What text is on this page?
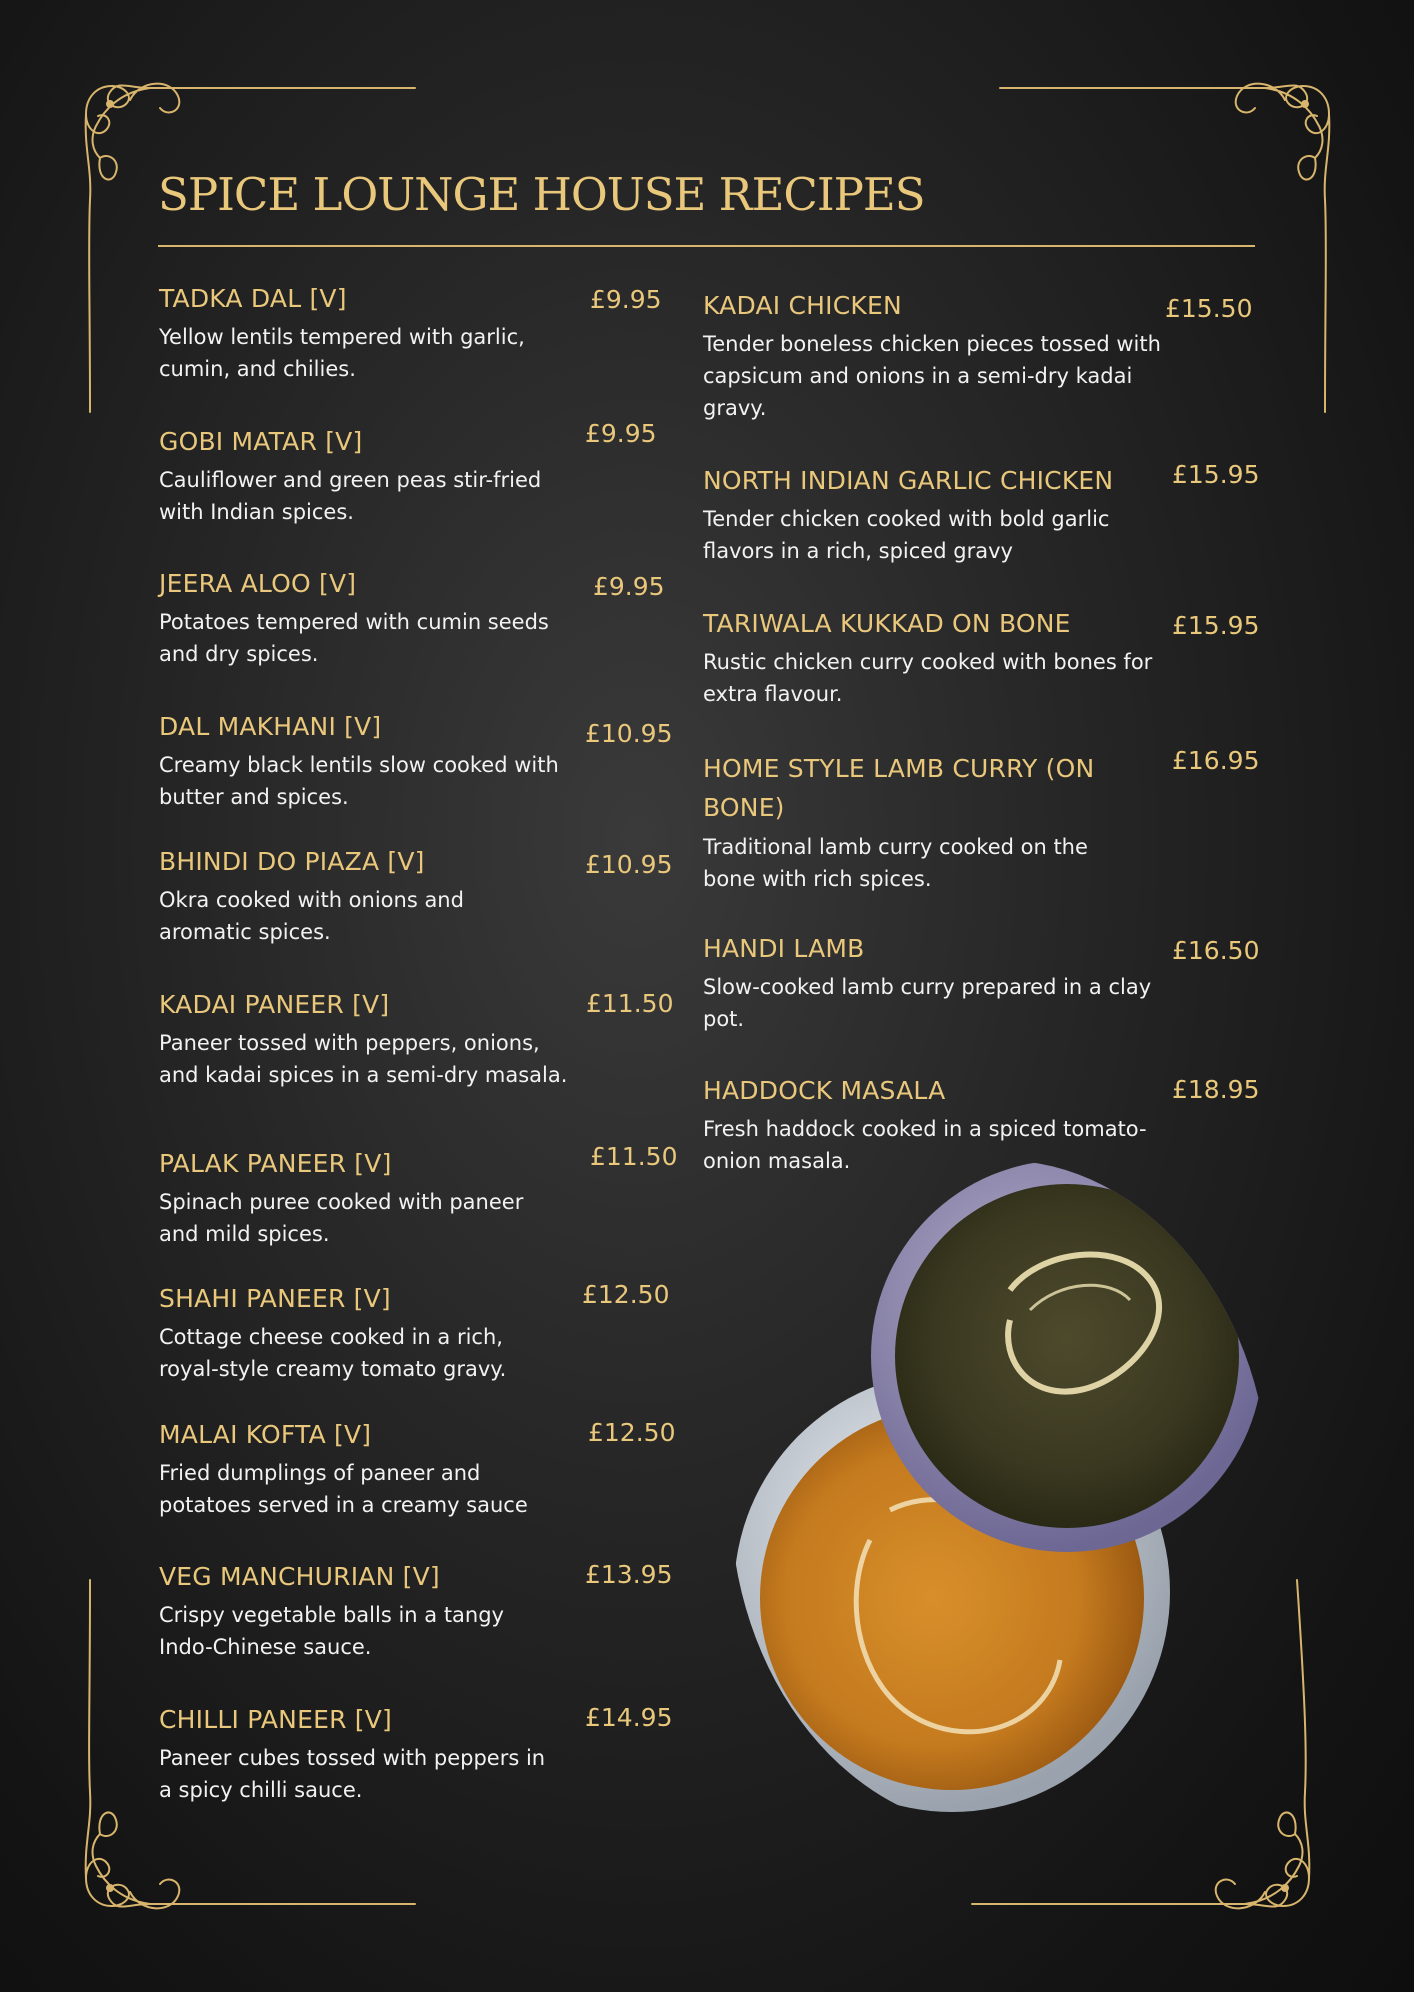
SPICE LOUNGE HOUSE RECIPES
TADKA DAL [V]
Yellow lentils tempered with garlic, cumin, and chilies.
£9.95
GOBI MATAR [V]
Cauliflower and green peas stir-fried with Indian spices.
£9.95
JEERA ALOO [V]
Potatoes tempered with cumin seeds and dry spices.
£9.95
DAL MAKHANI [V]
Creamy black lentils slow cooked with butter and spices.
£10.95
BHINDI DO PIAZA [V]
Okra cooked with onions and aromatic spices.
£10.95
KADAI PANEER [V]
Paneer tossed with peppers, onions, and kadai spices in a semi-dry masala.
£11.50
PALAK PANEER [V]
Spinach puree cooked with paneer and mild spices.
£11.50
SHAHI PANEER [V]
Cottage cheese cooked in a rich, royal-style creamy tomato gravy.
£12.50
MALAI KOFTA [V]
Fried dumplings of paneer and potatoes served in a creamy sauce
£12.50
VEG MANCHURIAN [V]
Crispy vegetable balls in a tangy Indo-Chinese sauce.
£13.95
CHILLI PANEER [V]
Paneer cubes tossed with peppers in a spicy chilli sauce.
£14.95
KADAI CHICKEN
Tender boneless chicken pieces tossed with capsicum and onions in a semi-dry kadai gravy.
£15.50
NORTH INDIAN GARLIC CHICKEN
Tender chicken cooked with bold garlic flavors in a rich, spiced gravy
£15.95
TARIWALA KUKKAD ON BONE
Rustic chicken curry cooked with bones for extra flavour.
£15.95
HOME STYLE LAMB CURRY (ON BONE)
Traditional lamb curry cooked on the bone with rich spices.
£16.95
HANDI LAMB
Slow-cooked lamb curry prepared in a clay pot.
£16.50
HADDOCK MASALA
Fresh haddock cooked in a spiced tomato-onion masala.
£18.95
